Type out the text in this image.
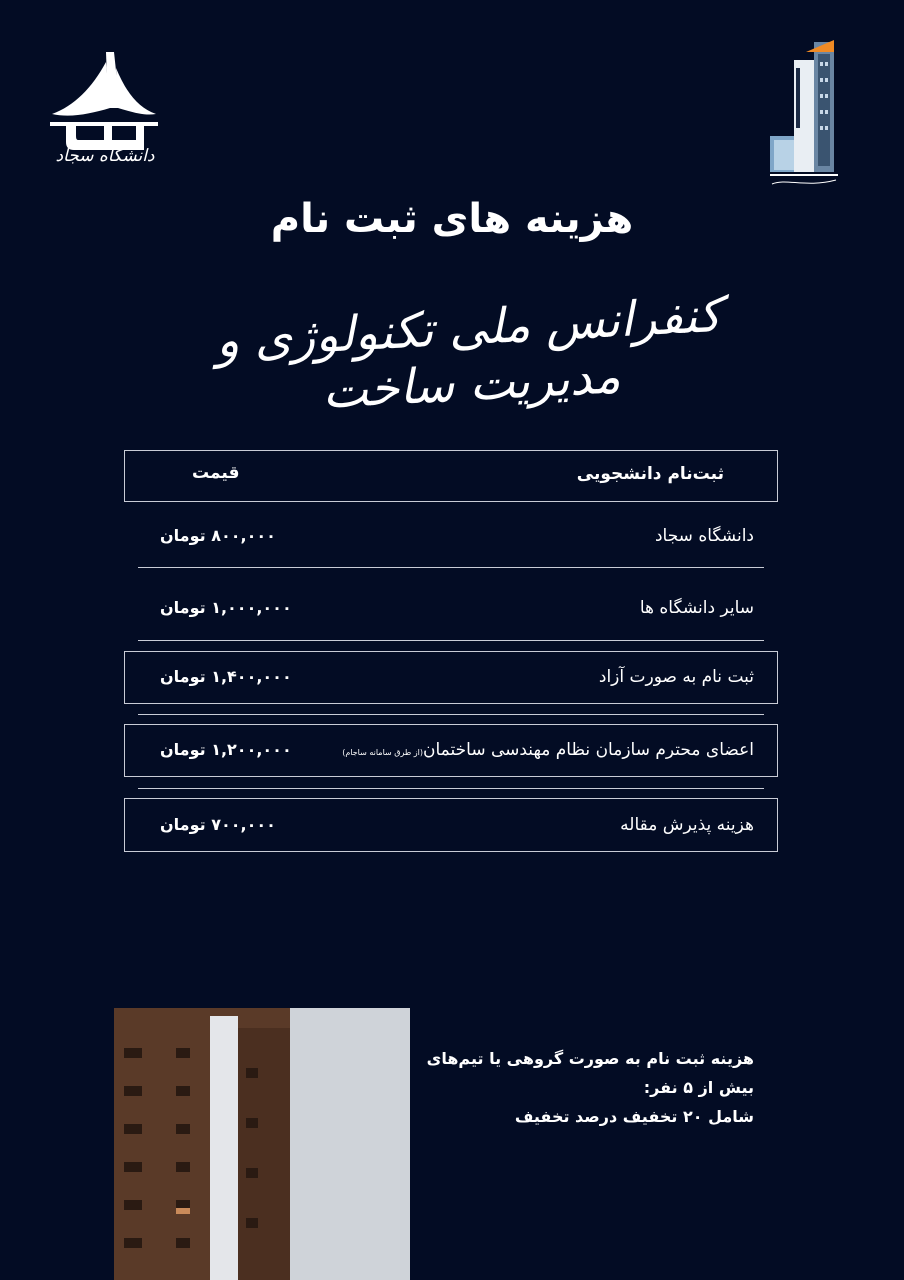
دانشگاه سجاد
هزینه های ثبت نام
کنفرانس ملی تکنولوژی و مدیریت ساخت
ثبت‌نام دانشجویی
قیمت
دانشگاه سجاد
۸۰۰,۰۰۰ تومان
سایر دانشگاه ها
۱,۰۰۰,۰۰۰ تومان
ثبت نام به صورت آزاد
۱,۴۰۰,۰۰۰ تومان
اعضای محترم سازمان نظام مهندسی ساختمان(از طرق سامانه ساجام)
۱,۲۰۰,۰۰۰ تومان
هزینه پذیرش مقاله
۷۰۰,۰۰۰ تومان
هزینه ثبت نام به صورت گروهی یا تیم‌های
بیش از ۵ نفر:
شامل ۲۰ تخفیف درصد تخفیف
